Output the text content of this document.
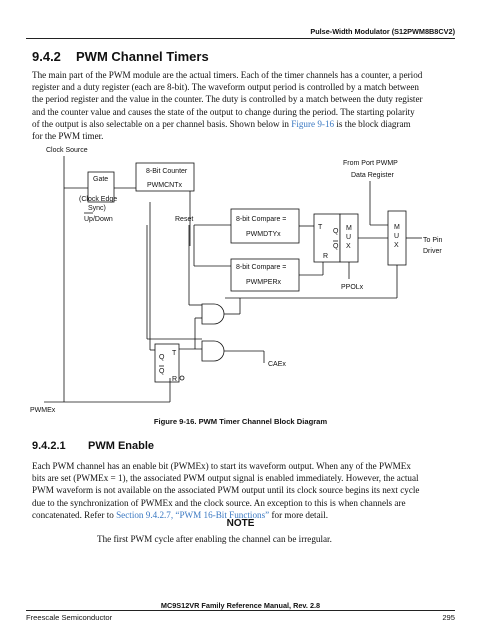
Pulse-Width Modulator (S12PWM8B8CV2)
9.4.2 PWM Channel Timers
The main part of the PWM module are the actual timers. Each of the timer channels has a counter, a period
register and a duty register (each are 8-bit). The waveform output period is controlled by a match between
the period register and the value in the counter. The duty is controlled by a match between the duty register
and the counter value and causes the state of the output to change during the period. The starting polarity
of the output is also selectable on a per channel basis. Shown below in Figure 9-16 is the block diagram
for the PWM timer.
Clock Source
Gate
(Clock Edge
Sync)
8-Bit Counter
PWMCNTx
Up/Down	Reset	8-bit Compare =
PWMDTYx
8-bit Compare =
PWMPERx
T
Q
Q
R
M
U
X
PPOLx
From Port PWMP
Data Register
M
U
X
To Pin
Driver
Q
Q
T
R
CAEx
PWMEx
Figure 9-16. PWM Timer Channel Block Diagram
9.4.2.1 PWM Enable
Each PWM channel has an enable bit (PWMEx) to start its waveform output. When any of the PWMEx
bits are set (PWMEx = 1), the associated PWM output signal is enabled immediately. However, the actual
PWM waveform is not available on the associated PWM output until its clock source begins its next cycle
due to the synchronization of PWMEx and the clock source. An exception to this is when channels are
concatenated. Refer to Section 9.4.2.7, “PWM 16-Bit Functions” for more detail.
NOTE
The first PWM cycle after enabling the channel can be irregular.
MC9S12VR Family Reference Manual, Rev. 2.8
Freescale Semiconductor	295
